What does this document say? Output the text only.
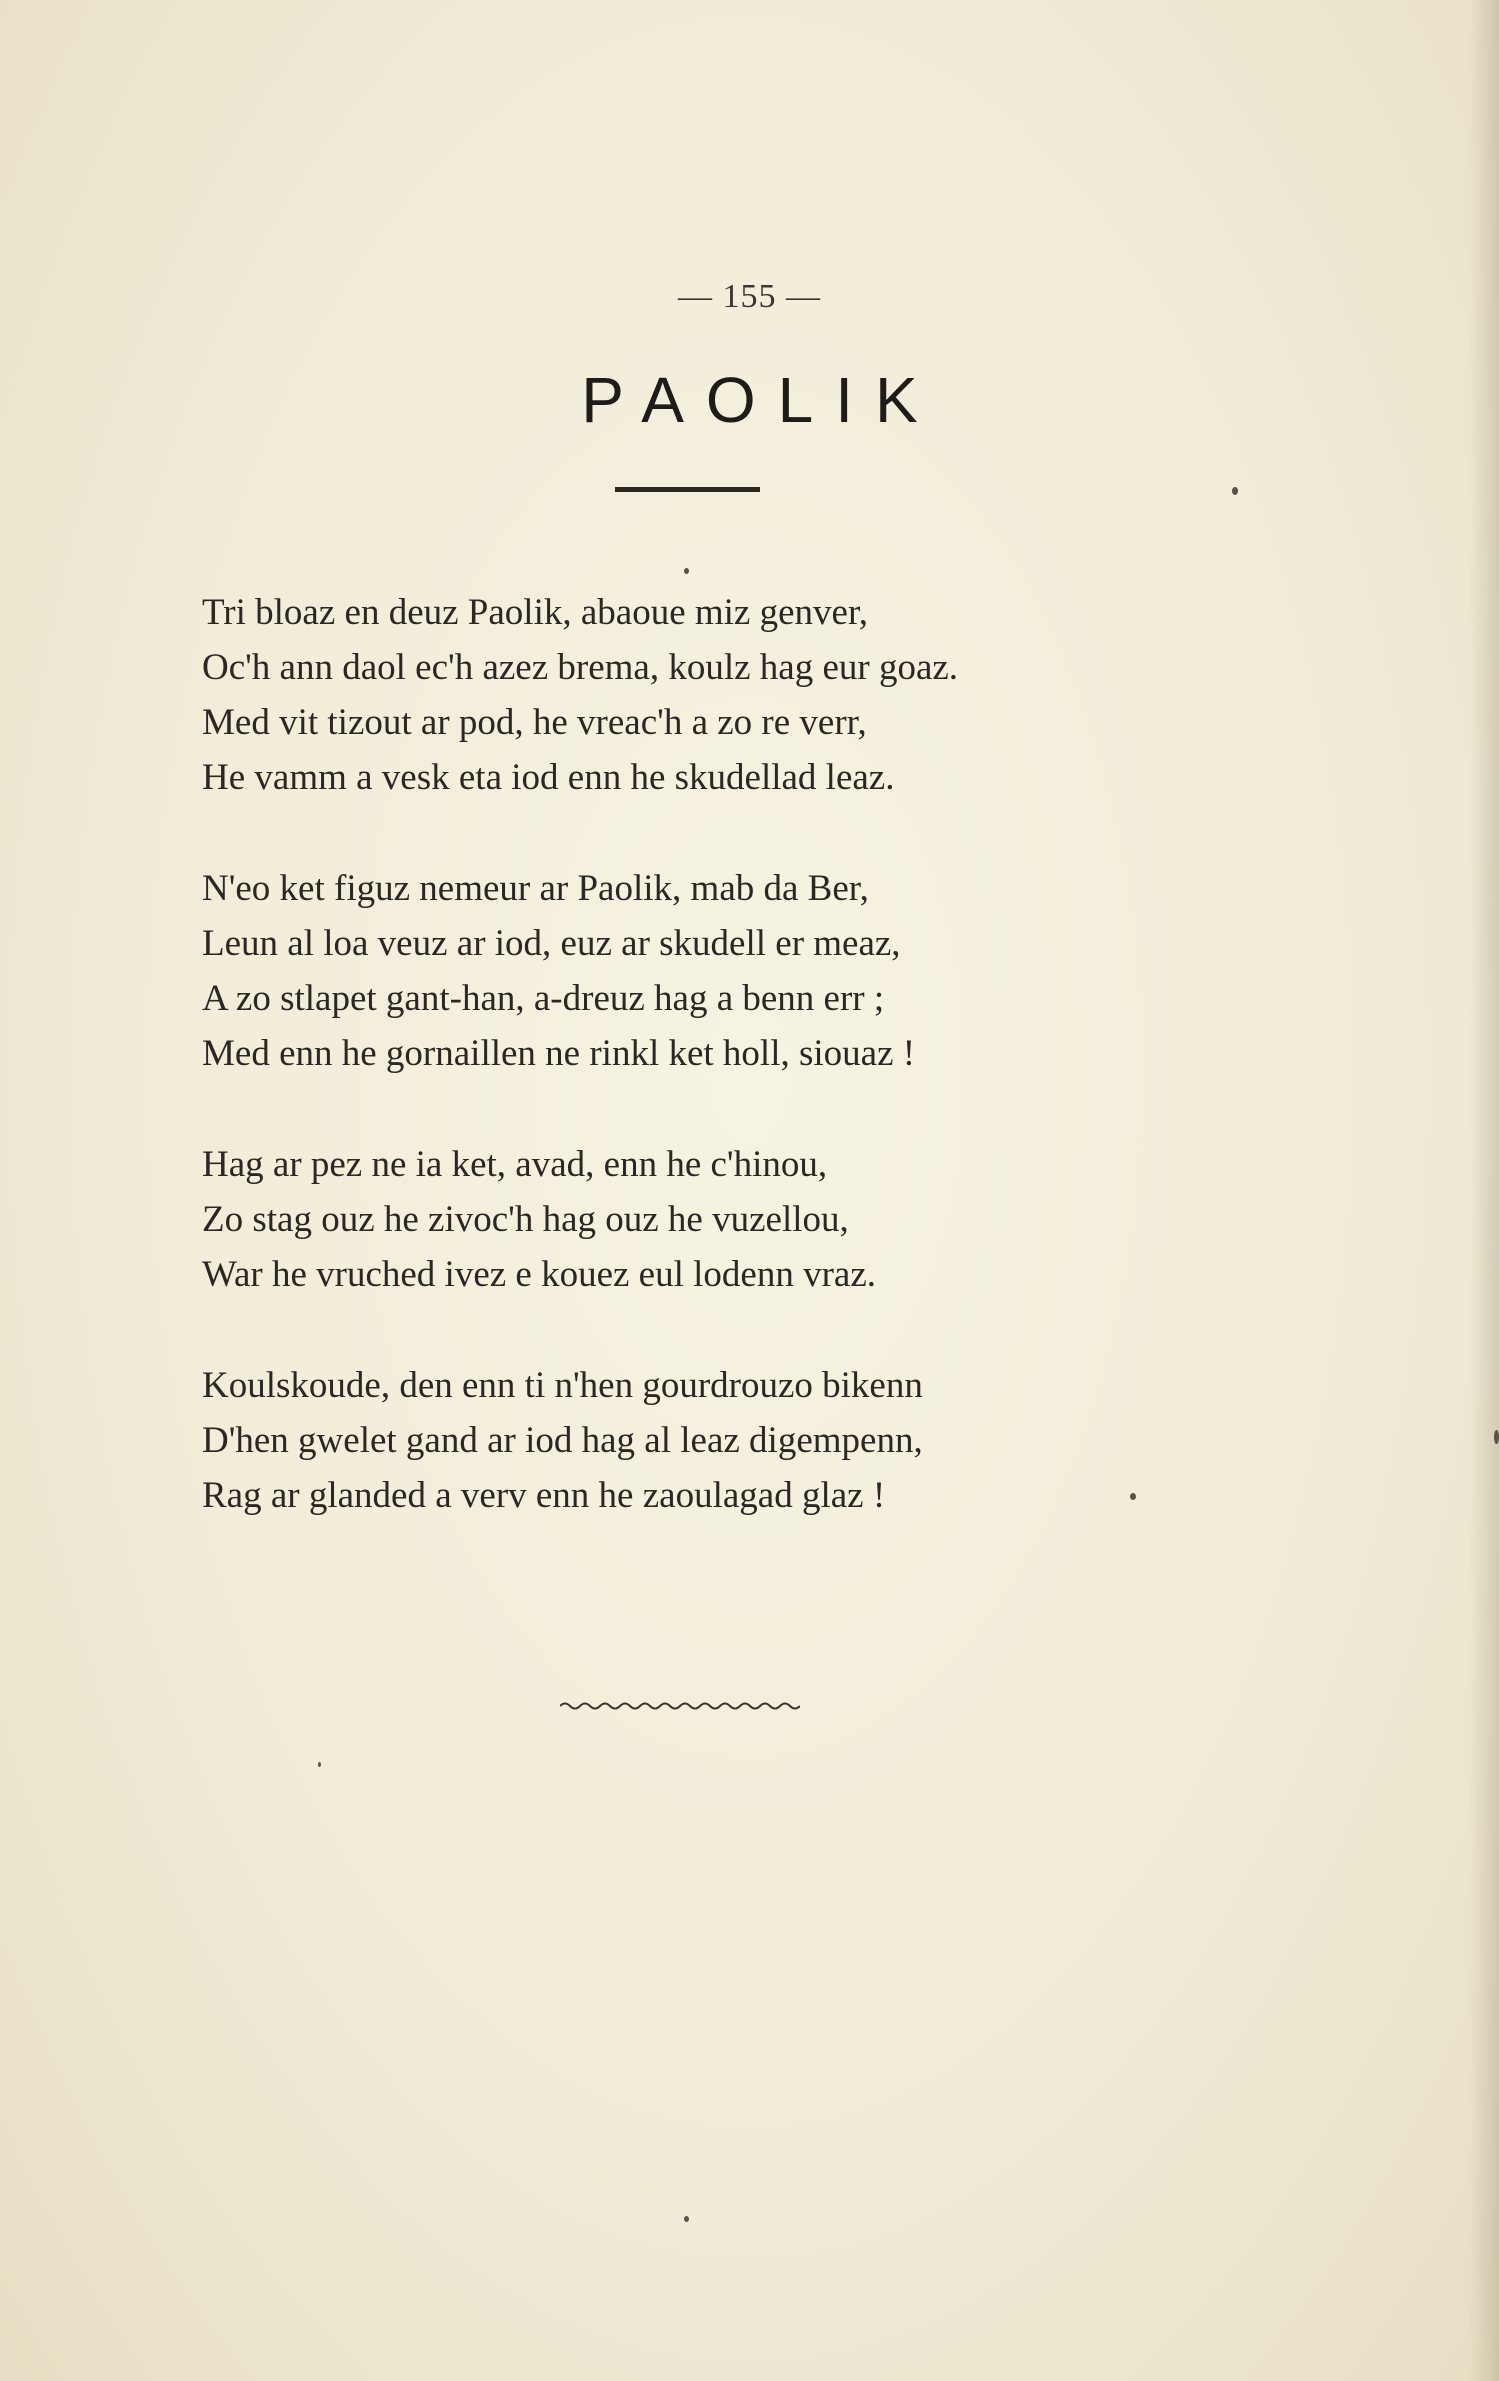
— 155 —
PAOLIK
Tri bloaz en deuz Paolik, abaoue miz genver,
Oc'h ann daol ec'h azez brema, koulz hag eur goaz.
Med vit tizout ar pod, he vreac'h a zo re verr,
He vamm a vesk eta iod enn he skudellad leaz.
N'eo ket figuz nemeur ar Paolik, mab da Ber,
Leun al loa veuz ar iod, euz ar skudell er meaz,
A zo stlapet gant-han, a-dreuz hag a benn err ;
Med enn he gornaillen ne rinkl ket holl, siouaz !
Hag ar pez ne ia ket, avad, enn he c'hinou,
Zo stag ouz he zivoc'h hag ouz he vuzellou,
War he vruched ivez e kouez eul lodenn vraz.
Koulskoude, den enn ti n'hen gourdrouzo bikenn
D'hen gwelet gand ar iod hag al leaz digempenn,
Rag ar glanded a verv enn he zaoulagad glaz !
